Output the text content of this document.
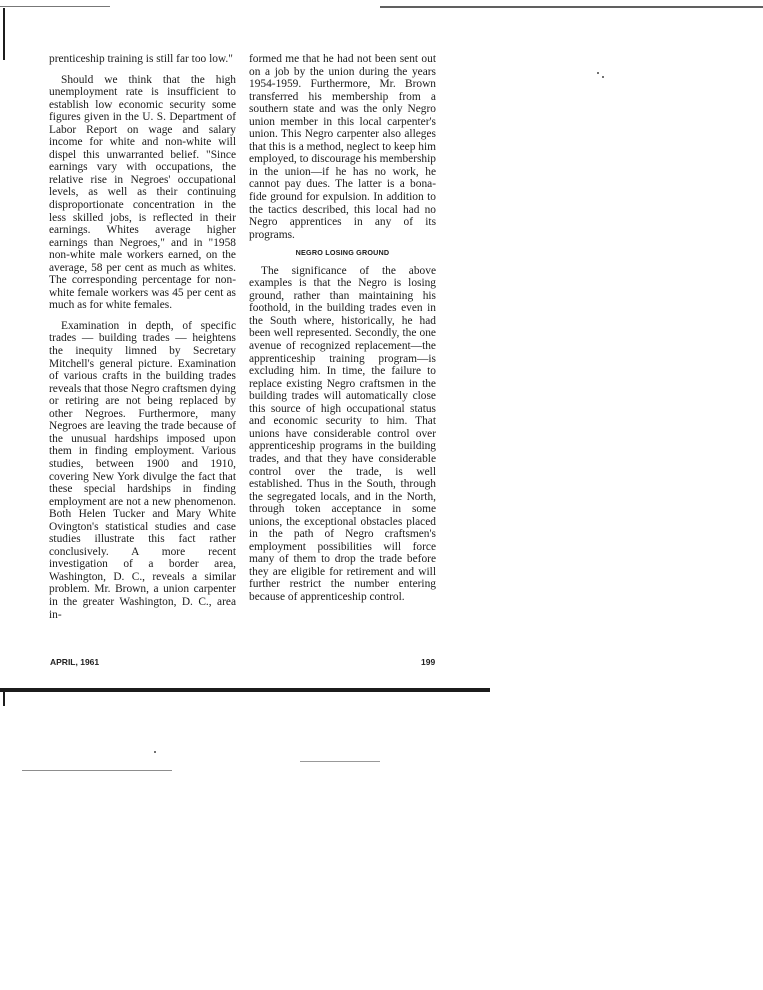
prenticeship training is still far too low."

Should we think that the high unemployment rate is insufficient to establish low economic security some figures given in the U. S. Department of Labor Report on wage and salary income for white and non-white will dispel this unwarranted belief. "Since earnings vary with occupations, the relative rise in Negroes' occupational levels, as well as their continuing disproportionate concentration in the less skilled jobs, is reflected in their earnings. Whites average higher earnings than Negroes," and in "1958 non-white male workers earned, on the average, 58 per cent as much as whites. The corresponding percentage for non-white female workers was 45 per cent as much as for white females.

Examination in depth, of specific trades — building trades — heightens the inequity limned by Secretary Mitchell's general picture. Examination of various crafts in the building trades reveals that those Negro craftsmen dying or retiring are not being replaced by other Negroes. Furthermore, many Negroes are leaving the trade because of the unusual hardships imposed upon them in finding employment. Various studies, between 1900 and 1910, covering New York divulge the fact that these special hardships in finding employment are not a new phenomenon. Both Helen Tucker and Mary White Ovington's statistical studies and case studies illustrate this fact rather conclusively. A more recent investigation of a border area, Washington, D. C., reveals a similar problem. Mr. Brown, a union carpenter in the greater Washington, D. C., area in-

formed me that he had not been sent out on a job by the union during the years 1954-1959. Furthermore, Mr. Brown transferred his membership from a southern state and was the only Negro union member in this local carpenter's union. This Negro carpenter also alleges that this is a method, neglect to keep him employed, to discourage his membership in the union—if he has no work, he cannot pay dues. The latter is a bona-fide ground for expulsion. In addition to the tactics described, this local had no Negro apprentices in any of its programs.

NEGRO LOSING GROUND

The significance of the above examples is that the Negro is losing ground, rather than maintaining his foothold, in the building trades even in the South where, historically, he had been well represented. Secondly, the one avenue of recognized replacement—the apprenticeship training program—is excluding him. In time, the failure to replace existing Negro craftsmen in the building trades will automatically close this source of high occupational status and economic security to him. That unions have considerable control over apprenticeship programs in the building trades, and that they have considerable control over the trade, is well established. Thus in the South, through the segregated locals, and in the North, through token acceptance in some unions, the exceptional obstacles placed in the path of Negro craftsmen's employment possibilities will force many of them to drop the trade before they are eligible for retirement and will further restrict the number entering because of apprenticeship control.

APRIL, 1961	199
